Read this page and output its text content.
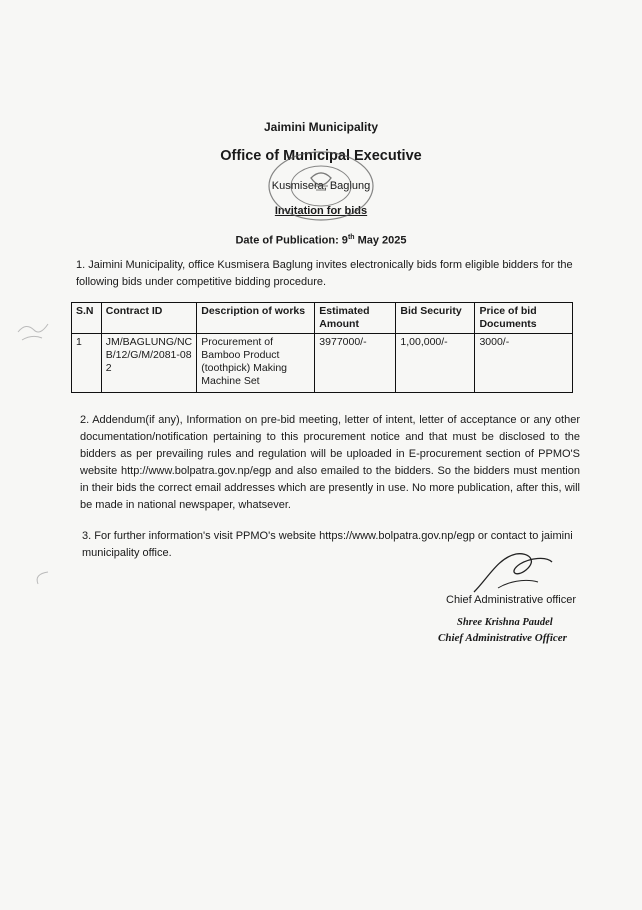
Jaimini Municipality
Office of Municipal Executive
Kusmisera, Baglung
Invitation for bids
Date of Publication: 9th May 2025
1. Jaimini Municipality, office Kusmisera Baglung invites electronically bids form eligible bidders for the following bids under competitive bidding procedure.
S.N	Contract ID	Description of works	Estimated Amount	Bid Security	Price of bid Documents
1	JM/BAGLUNG/NCB/12/G/M/2081-082	Procurement of Bamboo Product (toothpick) Making Machine Set	3977000/-	1,00,000/-	3000/-
2. Addendum(if any), Information on pre-bid meeting, letter of intent, letter of acceptance or any other documentation/notification pertaining to this procurement notice and that must be disclosed to the bidders as per prevailing rules and regulation will be uploaded in E-procurement section of PPMO'S website http://www.bolpatra.gov.np/egp and also emailed to the bidders. So the bidders must mention in their bids the correct email addresses which are presently in use. No more publication, after this, will be made in national newspaper, whatsever.
3. For further information's visit PPMO's website https://www.bolpatra.gov.np/egp or contact to jaimini municipality office.
Chief Administrative officer
Shree Krishna Paudel
Chief Administrative Officer
